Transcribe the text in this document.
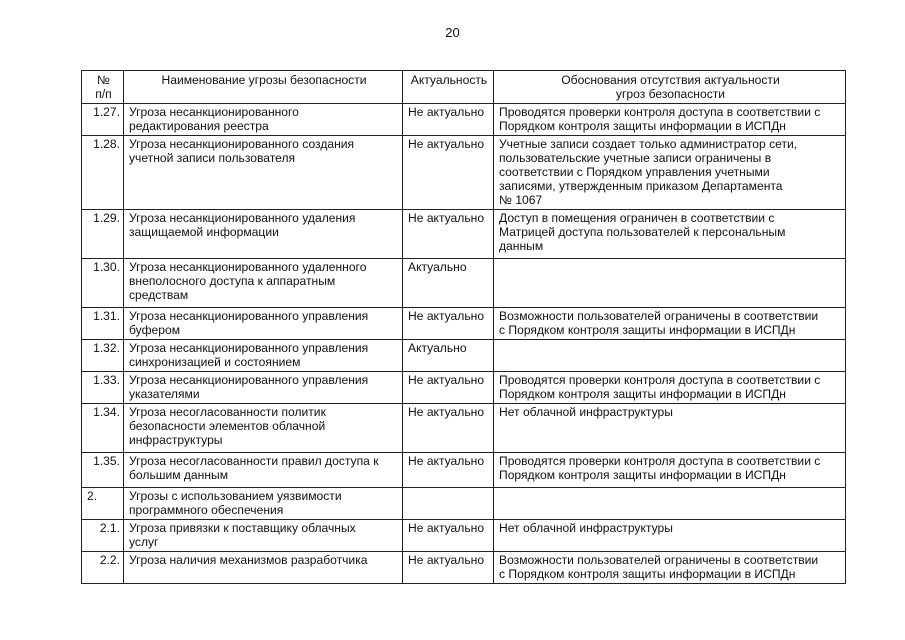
20
№
п/п	Наименование угрозы безопасности	Актуальность	Обоснования отсутствия актуальности
угроз безопасности
1.27.	Угроза несанкционированного
редактирования реестра	Не актуально	Проводятся проверки контроля доступа в соответствии с
Порядком контроля защиты информации в ИСПДн
1.28.	Угроза несанкционированного создания
учетной записи пользователя	Не актуально	Учетные записи создает только администратор сети,
пользовательские учетные записи ограничены в
соответствии с Порядком управления учетными
записями, утвержденным приказом Департамента
№ 1067
1.29.	Угроза несанкционированного удаления
защищаемой информации	Не актуально	Доступ в помещения ограничен в соответствии с
Матрицей доступа пользователей к персональным
данным
1.30.	Угроза несанкционированного удаленного
внеполосного доступа к аппаратным
средствам	Актуально	
1.31.	Угроза несанкционированного управления
буфером	Не актуально	Возможности пользователей ограничены в соответствии
с Порядком контроля защиты информации в ИСПДн
1.32.	Угроза несанкционированного управления
синхронизацией и состоянием	Актуально	
1.33.	Угроза несанкционированного управления
указателями	Не актуально	Проводятся проверки контроля доступа в соответствии с
Порядком контроля защиты информации в ИСПДн
1.34.	Угроза несогласованности политик
безопасности элементов облачной
инфраструктуры	Не актуально	Нет облачной инфраструктуры
1.35.	Угроза несогласованности правил доступа к
большим данным	Не актуально	Проводятся проверки контроля доступа в соответствии с
Порядком контроля защиты информации в ИСПДн
2.	Угрозы с использованием уязвимости
программного обеспечения		
2.1.	Угроза привязки к поставщику облачных
услуг	Не актуально	Нет облачной инфраструктуры
2.2.	Угроза наличия механизмов разработчика	Не актуально	Возможности пользователей ограничены в соответствии
с Порядком контроля защиты информации в ИСПДн
